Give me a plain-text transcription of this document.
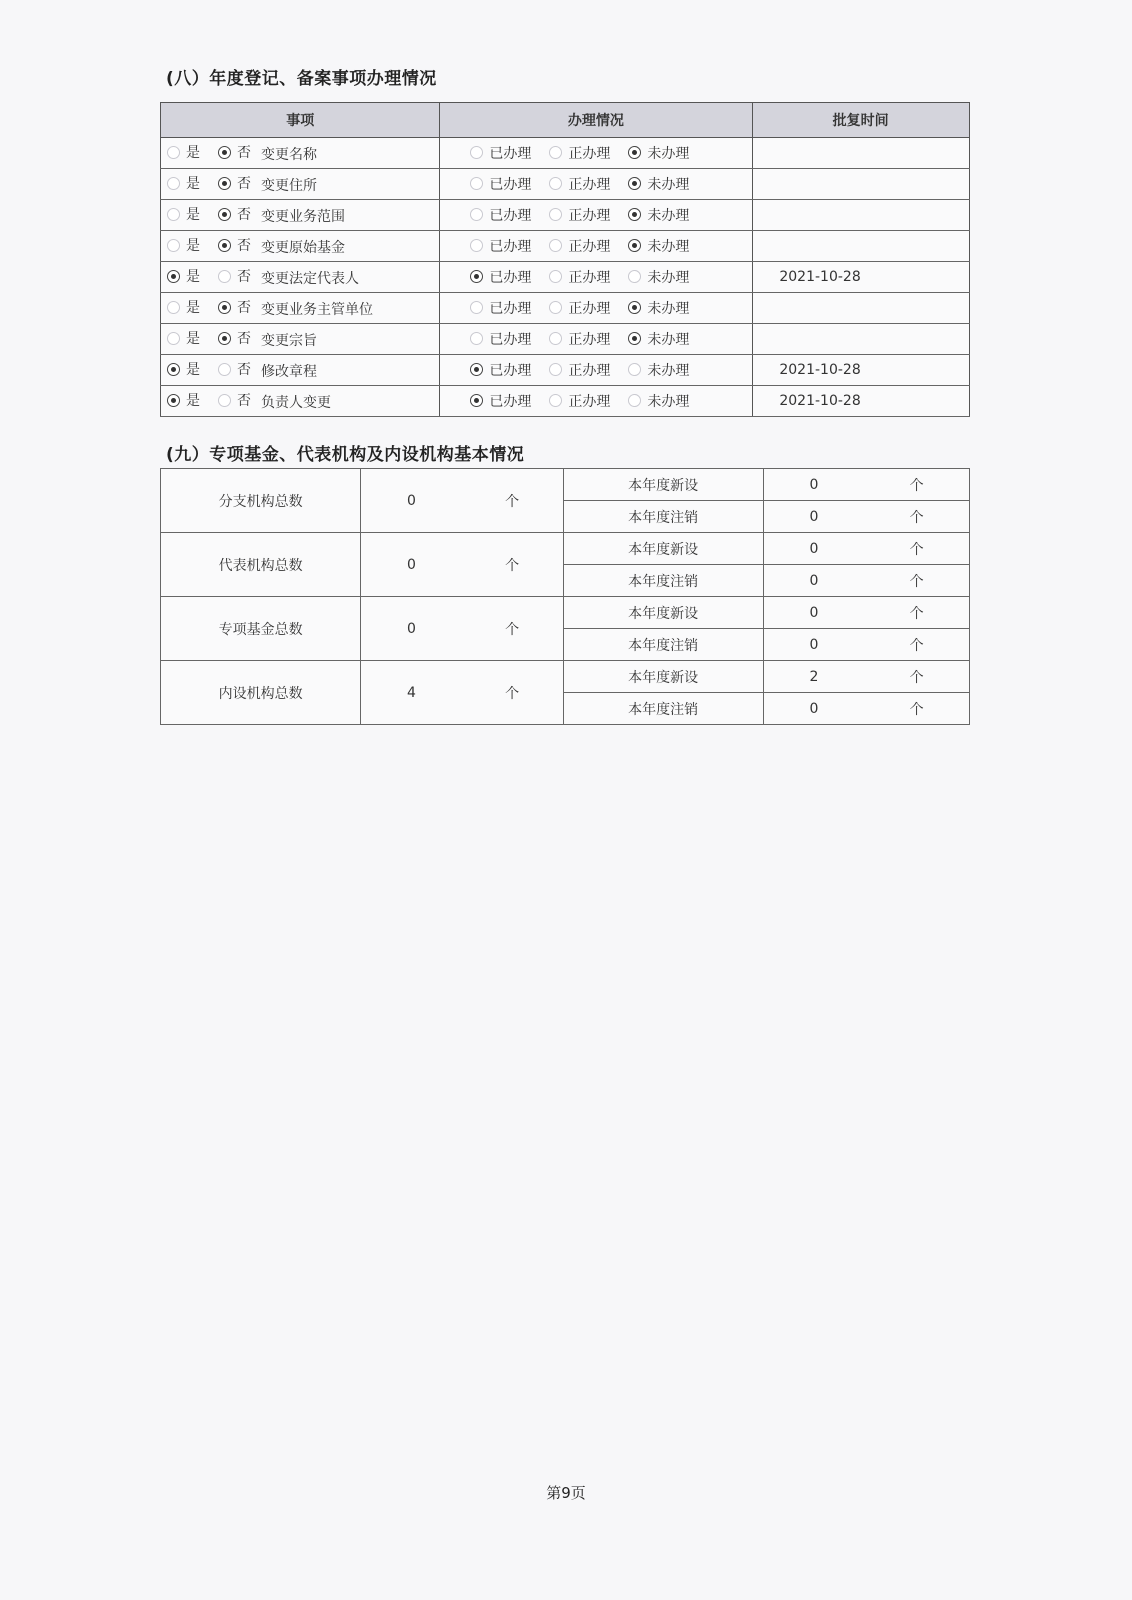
(八）年度登记、备案事项办理情况
事项	办理情况	批复时间

是 否 变更名称	已办理 正办理 未办理	

是 否 变更住所	已办理 正办理 未办理	

是 否 变更业务范围	已办理 正办理 未办理	

是 否 变更原始基金	已办理 正办理 未办理	

是 否 变更法定代表人	已办理 正办理 未办理	2021-10-28

是 否 变更业务主管单位	已办理 正办理 未办理	

是 否 变更宗旨	已办理 正办理 未办理	

是 否 修改章程	已办理 正办理 未办理	2021-10-28

是 否 负责人变更	已办理 正办理 未办理	2021-10-28
(九）专项基金、代表机构及内设机构基本情况
分支机构总数	0	个	本年度新设	0	个
			本年度注销	0	个
代表机构总数	0	个	本年度新设	0	个
			本年度注销	0	个
专项基金总数	0	个	本年度新设	0	个
			本年度注销	0	个
内设机构总数	4	个	本年度新设	2	个
			本年度注销	0	个
第9页
